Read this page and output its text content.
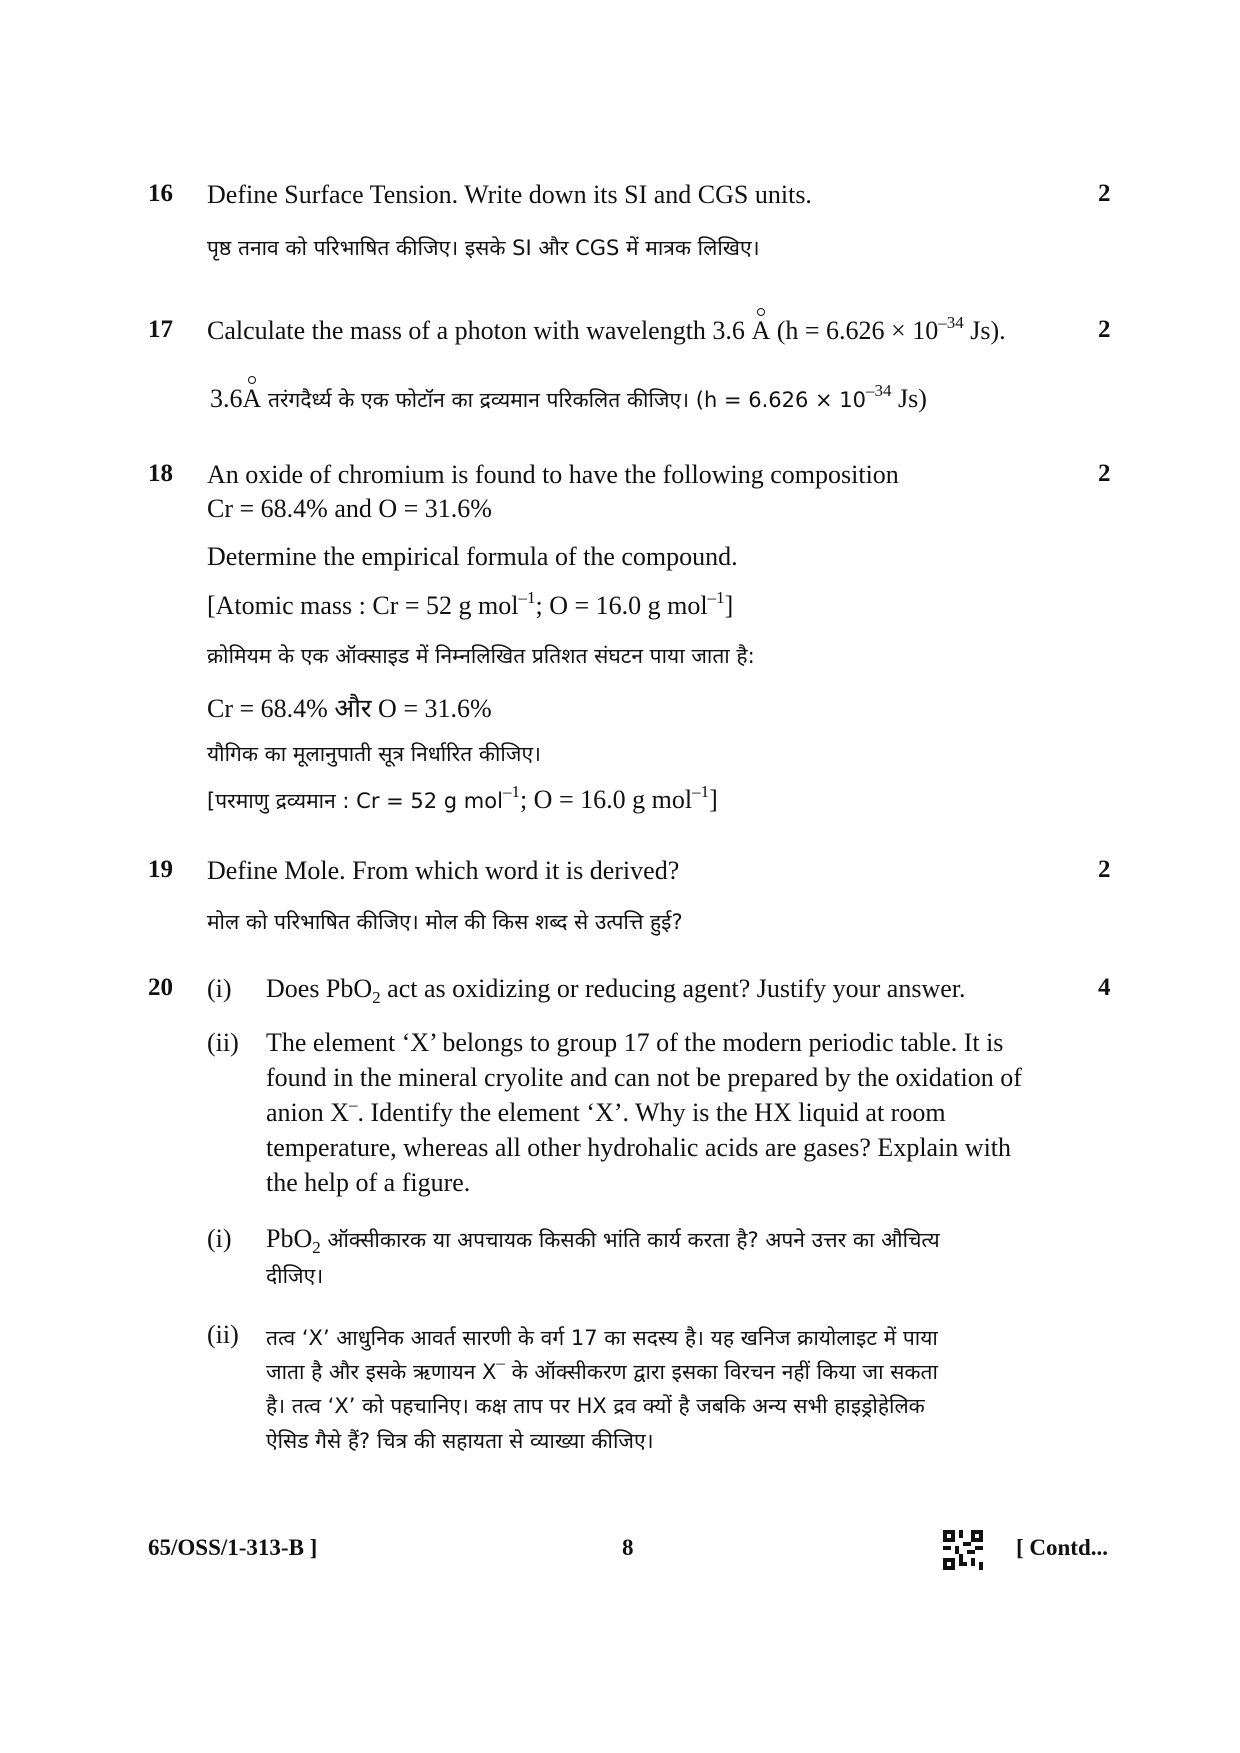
16 Define Surface Tension. Write down its SI and CGS units.	2
पृष्ठ तनाव को परिभाषित कीजिए। इसके SI और CGS में मात्रक लिखिए।
17 Calculate the mass of a photon with wavelength 3.6 A ($h = 6.626 \times 10^{-34}$ Js).	2
3.6A तरंगदैर्ध्य के एक फोटॉन का द्रव्यमान परिकलित कीजिए। ($h = 6.626 \times 10^{-34}$ Js)
18 An oxide of chromium is found to have the following composition	2
Cr = 68.4% and O = 31.6%
Determine the empirical formula of the compound.
[Atomic mass : Cr = 52 g mol$^{-1}$; O = 16.0 g mol$^{-1}$]
क्रोमियम के एक ऑक्साइड में निम्नलिखित प्रतिशत संघटन पाया जाता है:
Cr = 68.4% और O = 31.6%
यौगिक का मूलानुपाती सूत्र निर्धारित कीजिए।
[परमाणु द्रव्यमान : Cr = 52 g mol$^{-1}$; O = 16.0 g mol$^{-1}$]
19 Define Mole. From which word it is derived?	2
मोल को परिभाषित कीजिए। मोल की किस शब्द से उत्पत्ति हुई?
20	4
(i) Does PbO$_2$ act as oxidizing or reducing agent? Justify your answer.
(ii) The element ‘X’ belongs to group 17 of the modern periodic table. It is
found in the mineral cryolite and can not be prepared by the oxidation of
anion X–. Identify the element ‘X’. Why is the HX liquid at room
temperature, whereas all other hydrohalic acids are gases? Explain with
the help of a figure.
(i) PbO$_2$ ऑक्सीकारक या अपचायक किसकी भांति कार्य करता है? अपने उत्तर का औचित्य
दीजिए।
(ii) तत्व ‘X’ आधुनिक आवर्त सारणी के वर्ग 17 का सदस्य है। यह खनिज क्रायोलाइट में पाया
जाता है और इसके ऋणायन X– के ऑक्सीकरण द्वारा इसका विरचन नहीं किया जा सकता
है। तत्व ‘X’ को पहचानिए। कक्ष ताप पर HX द्रव क्यों है जबकि अन्य सभी हाइड्रोहेलिक
ऐसिड गैसे हैं? चित्र की सहायता से व्याख्या कीजिए।
65/OSS/1-313-B ]	8	[ Contd...
